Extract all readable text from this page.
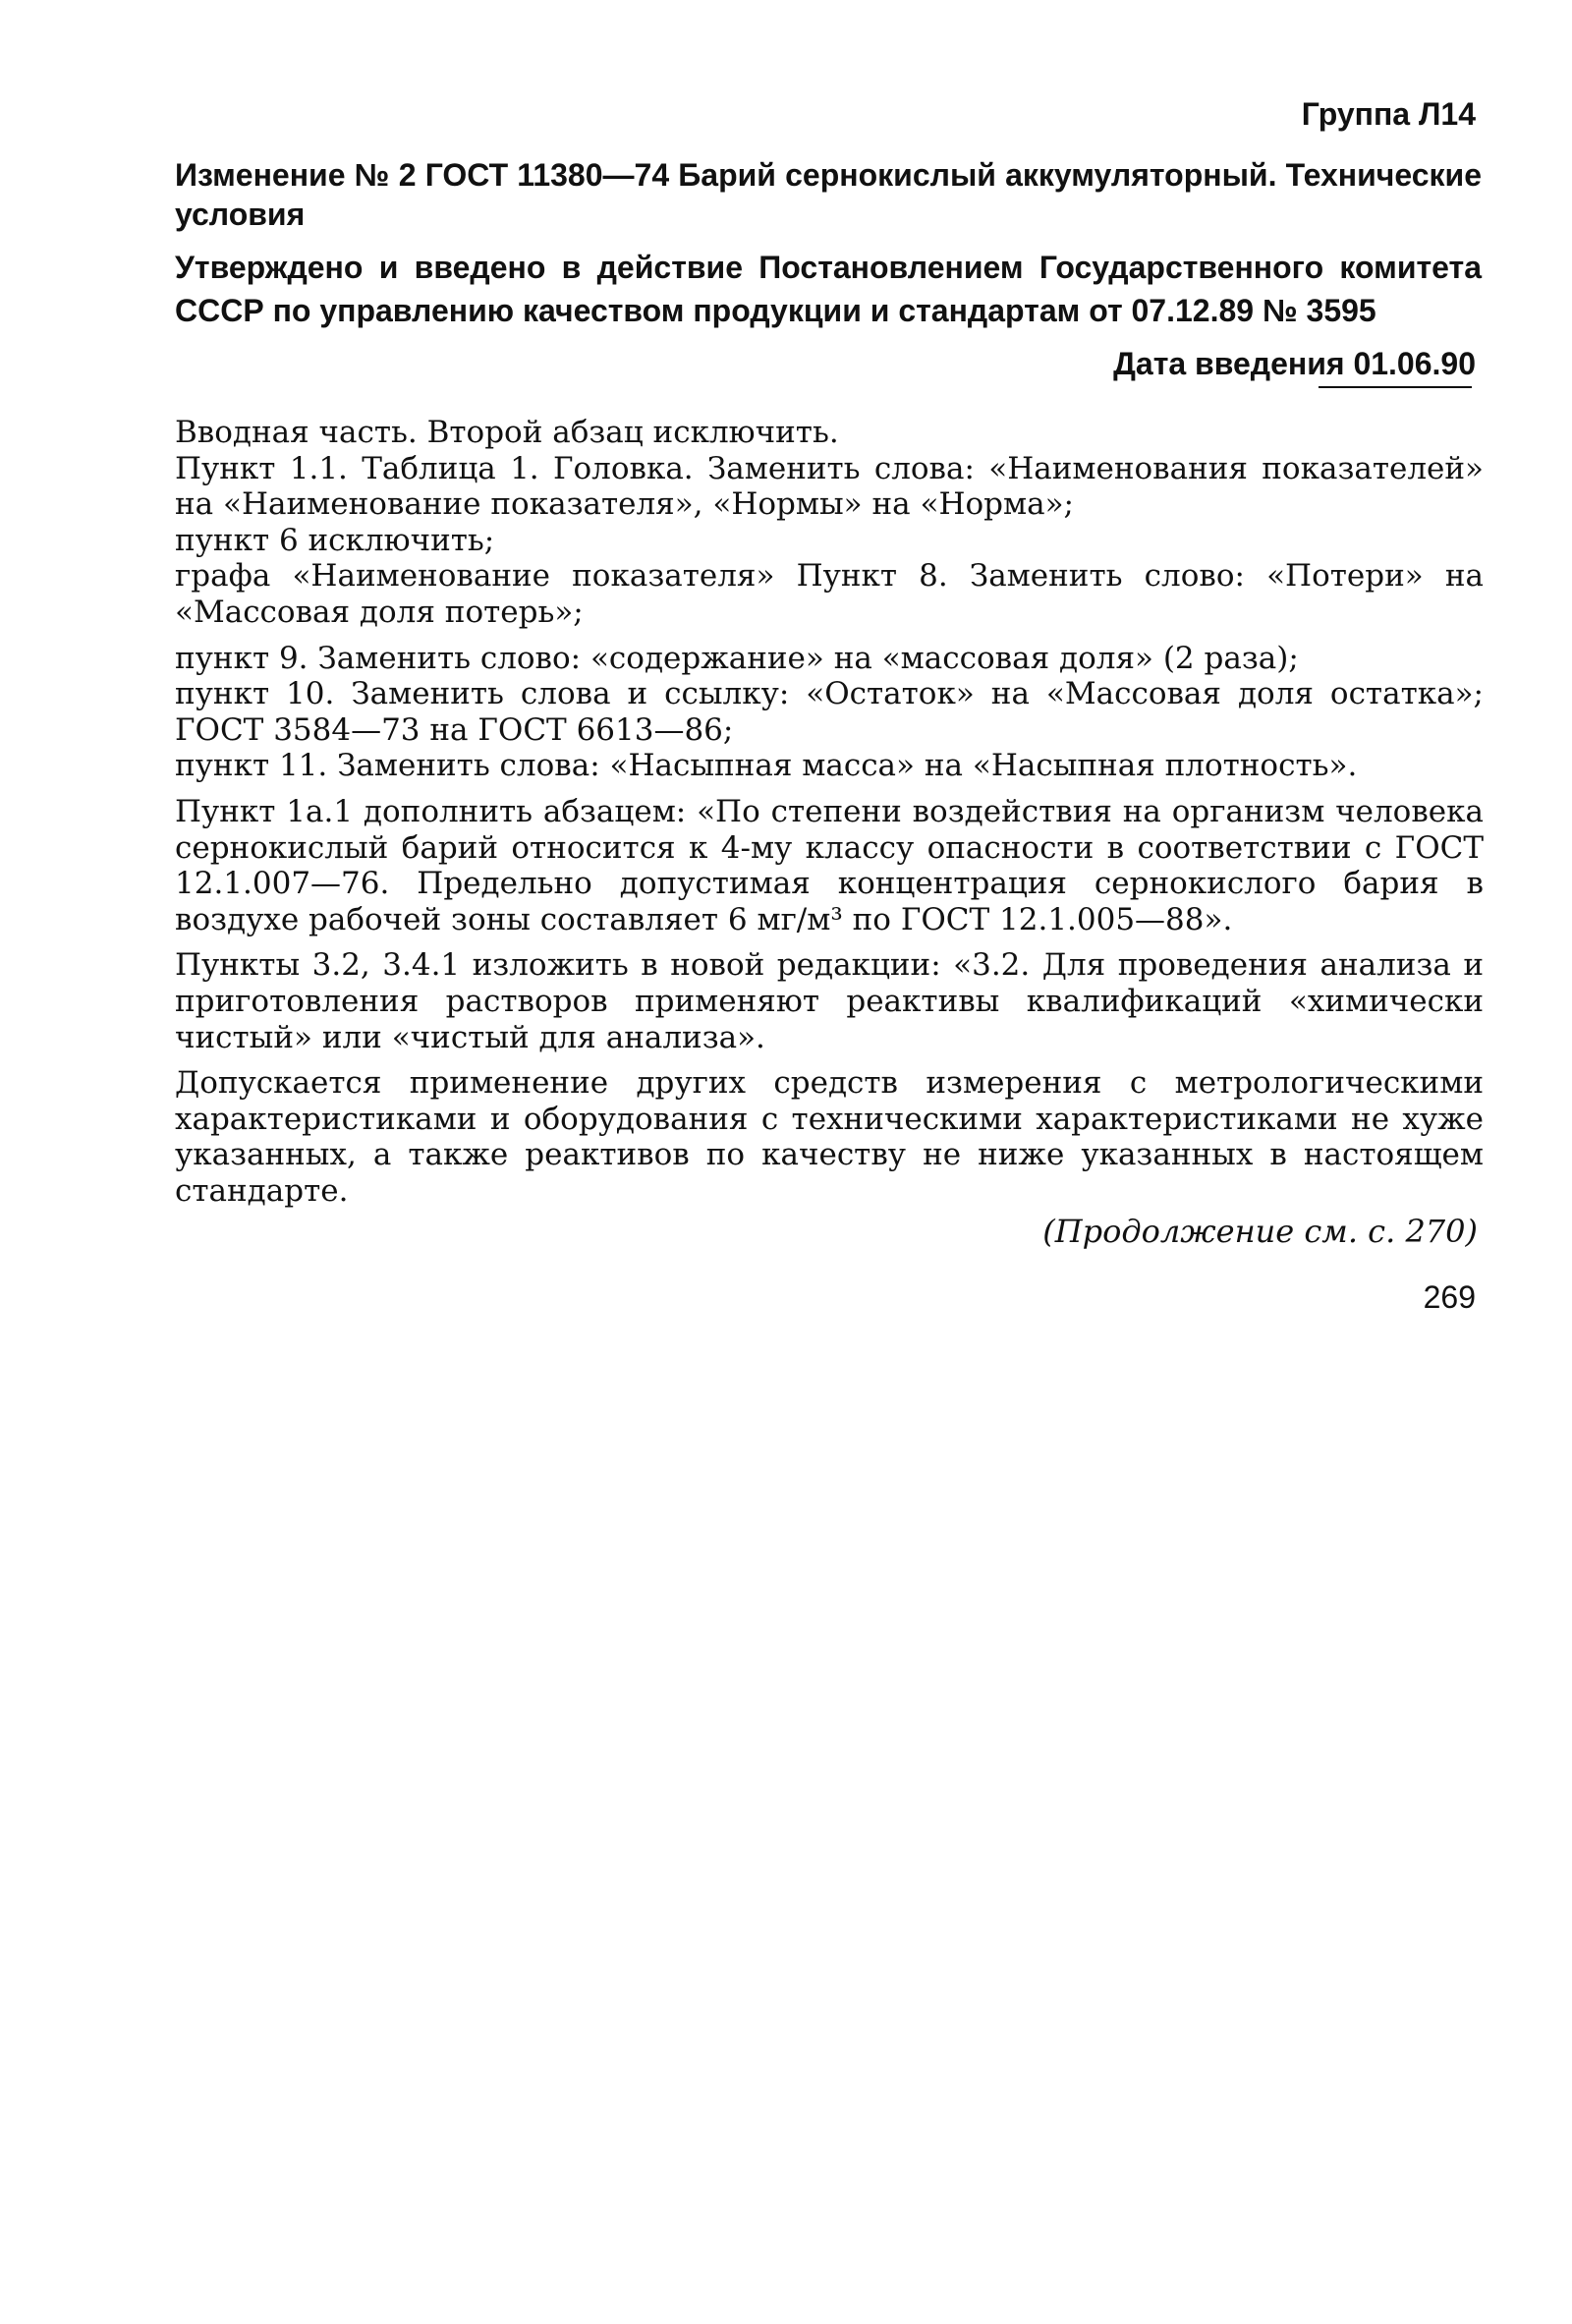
Группа Л14
Изменение № 2 ГОСТ 11380—74 Барий сернокислый аккумуляторный. Технические условия
Утверждено и введено в действие Постановлением Государственного комитета СССР по управлению качеством продукции и стандартам от 07.12.89 № 3595
Дата введения 01.06.90

Вводная часть. Второй абзац исключить.

Пункт 1.1. Таблица 1. Головка. Заменить слова: «Наименования показателей» на «Наименование показателя», «Нормы» на «Норма»;

пункт 6 исключить;

графа «Наименование показателя» Пункт 8. Заменить слово: «Потери» на «Массовая доля потерь»;

пункт 9. Заменить слово: «содержание» на «массовая доля» (2 раза);

пункт 10. Заменить слова и ссылку: «Остаток» на «Массовая доля остатка»; ГОСТ 3584—73 на ГОСТ 6613—86;

пункт 11. Заменить слова: «Насыпная масса» на «Насыпная плотность».

Пункт 1а.1 дополнить абзацем: «По степени воздействия на организм человека сернокислый барий относится к 4-му классу опасности в соответствии с ГОСТ 12.1.007—76. Предельно допустимая концентрация сернокислого бария в воздухе рабочей зоны составляет 6 мг/м³ по ГОСТ 12.1.005—88».

Пункты 3.2, 3.4.1 изложить в новой редакции: «3.2. Для проведения анализа и приготовления растворов применяют реактивы квалификаций «химически чистый» или «чистый для анализа».

Допускается применение других средств измерения с метрологическими характеристиками и оборудования с техническими характеристиками не хуже указанных, а также реактивов по качеству не ниже указанных в настоящем стандарте.

(Продолжение см. с. 270)
269
